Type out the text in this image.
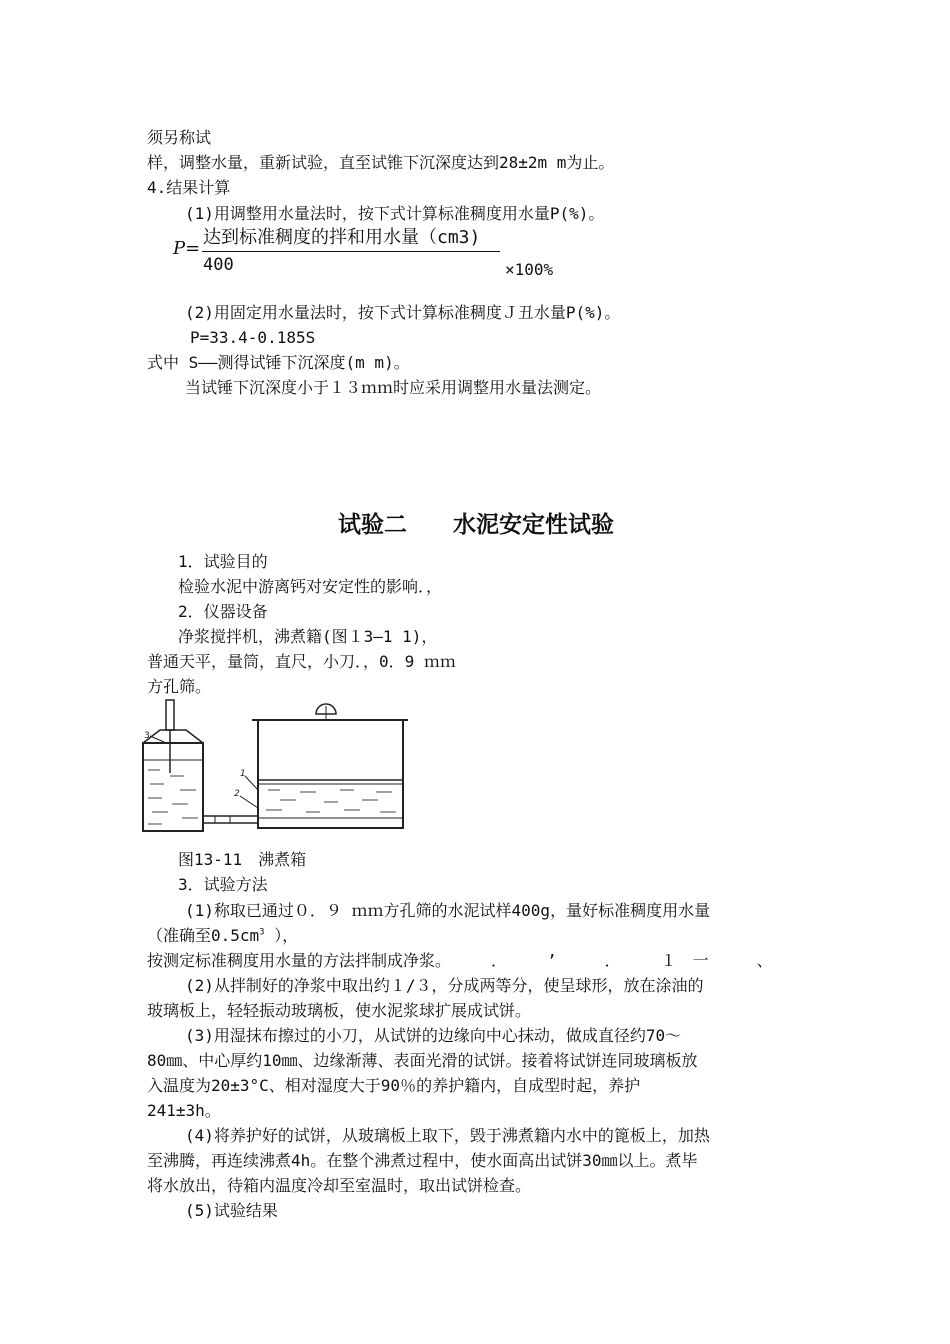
须另称试
样，调整水量，重新试验，直至试锥下沉深度达到28±2m m为止。
4.结果计算
(1)用调整用水量法时，按下式计算标准稠度用水量P(%)。
P=
达到标准稠度的拌和用水量（cm3)
400	×100%
(2)用固定用水量法时，按下式计算标准稠度Ｊ丑水量P(%)。
P=33.4-0.185S
式中 S——测得试锤下沉深度(m m)。
当试锤下沉深度小于１３ｍｍ时应采用调整用水量法测定。
试验二　　水泥安定性试验
1．试验目的
检验水泥中游离钙对安定性的影响．，
2．仪器设备
净浆搅拌机，沸煮籍(图１3—1 1)，
普通天平，量筒，直尺，小刀．，0．9 ｍｍ
方孔筛。
3
1
2
图13-11　沸煮箱
3．试验方法
(1)称取已通过０．９ ｍｍ方孔筛的水泥试样400g，量好标准稠度用水量
（准确至$0.5cm^3$ ），
按测定标准稠度用水量的方法拌制成净浆。　　　．　　　’　　　．　　　１　一　　　、
(2)从拌制好的净浆中取出约１/３，分成两等分，使呈球形，放在涂油的
玻璃板上，轻轻振动玻璃板，使水泥浆球扩展成试饼。
(3)用湿抹布擦过的小刀，从试饼的边缘向中心抹动，做成直径约70～
80㎜、中心厚约10㎜、边缘渐薄、表面光滑的试饼。接着将试饼连同玻璃板放
入温度为20±3°C、相对湿度大于90％的养护籍内，自成型时起，养护
241±3h。
(4)将养护好的试饼，从玻璃板上取下，毁于沸煮籍内水中的篦板上，加热
至沸腾，再连续沸煮4h。在整个沸煮过程中，使水面高出试饼30㎜以上。煮毕
将水放出，待箱内温度冷却至室温时，取出试饼检查。
(5)试验结果
